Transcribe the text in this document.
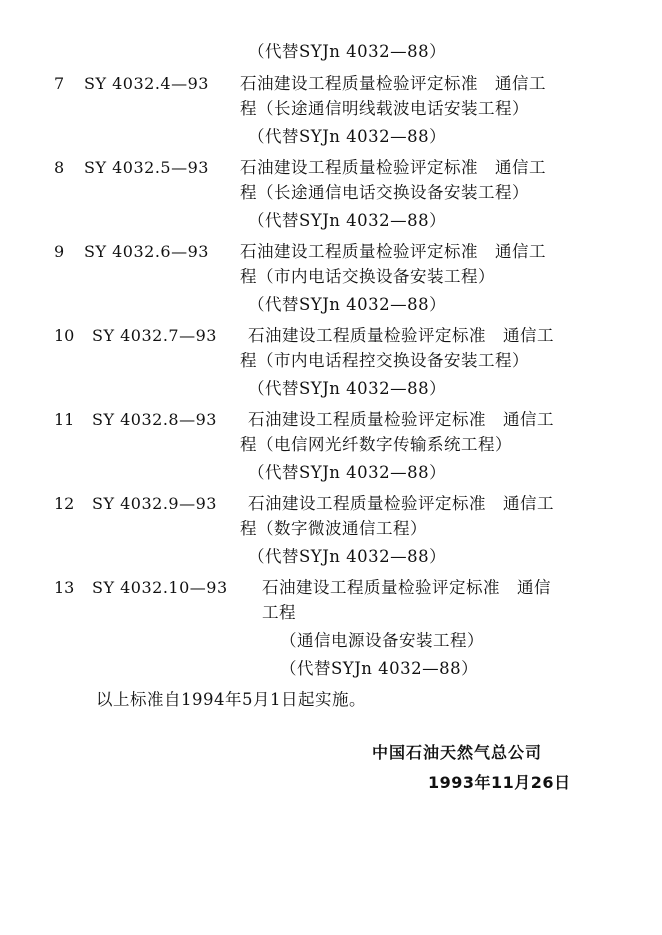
（代替SYJn 4032—88）
7 SY 4032.4—93 石油建设工程质量检验评定标准　通信工
程（长途通信明线载波电话安装工程）
（代替SYJn 4032—88）
8 SY 4032.5—93 石油建设工程质量检验评定标准　通信工
程（长途通信电话交换设备安装工程）
（代替SYJn 4032—88）
9 SY 4032.6—93 石油建设工程质量检验评定标准　通信工
程（市内电话交换设备安装工程）
（代替SYJn 4032—88）
10 SY 4032.7—93 石油建设工程质量检验评定标准　通信工
程（市内电话程控交换设备安装工程）
（代替SYJn 4032—88）
11 SY 4032.8—93 石油建设工程质量检验评定标准　通信工
程（电信网光纤数字传输系统工程）
（代替SYJn 4032—88）
12 SY 4032.9—93 石油建设工程质量检验评定标准　通信工
程（数字微波通信工程）
（代替SYJn 4032—88）
13 SY 4032.10—93 石油建设工程质量检验评定标准　通信
工程
（通信电源设备安装工程）
（代替SYJn 4032—88）
以上标准自1994年5月1日起实施。
中国石油天然气总公司
1993年11月26日
